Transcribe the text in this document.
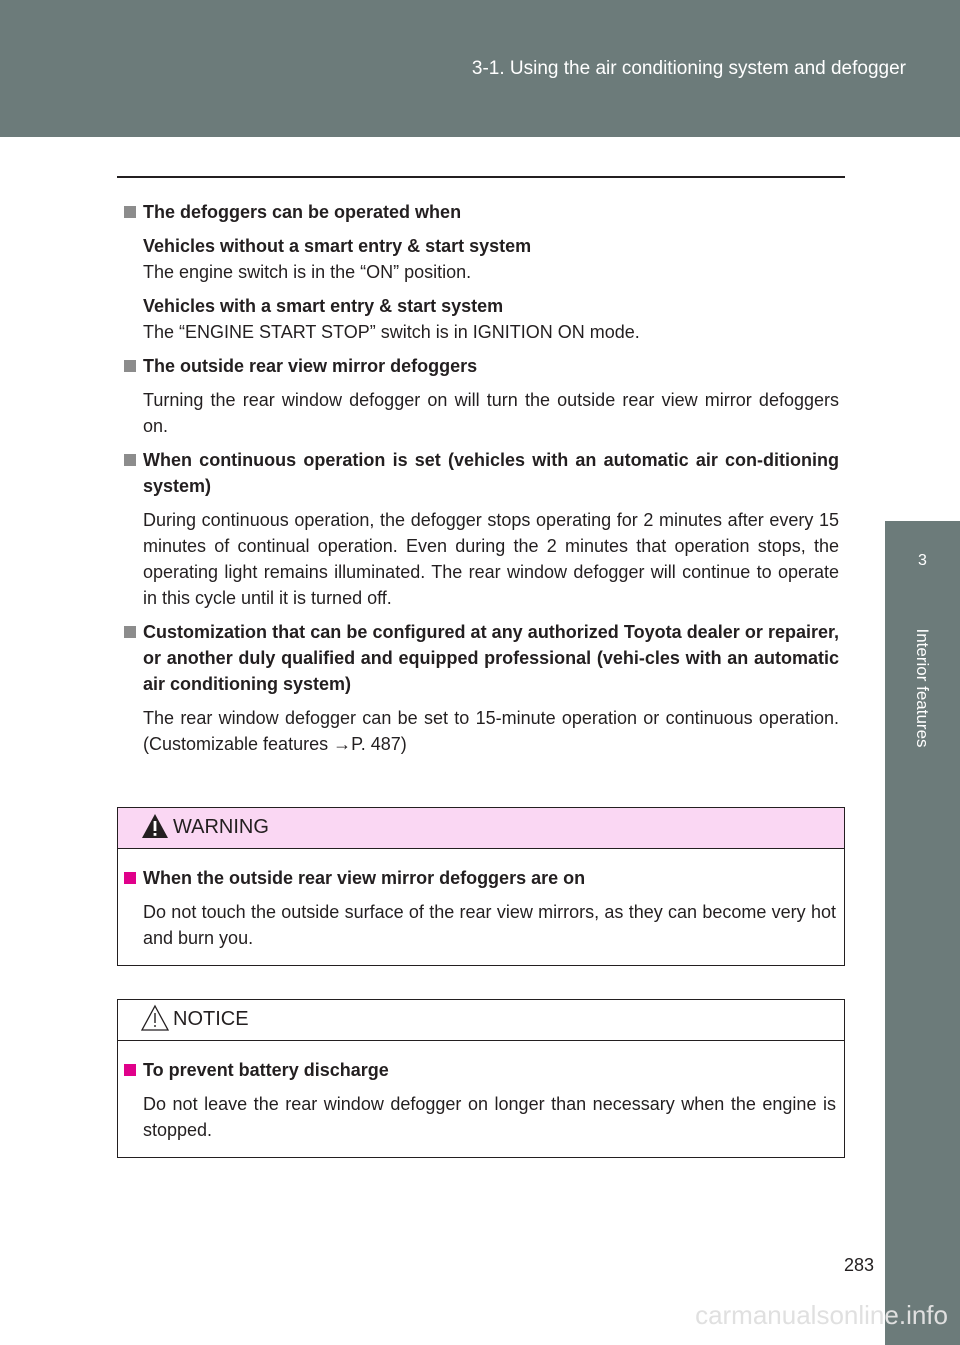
3-1. Using the air conditioning system and defogger
3
Interior features
The defoggers can be operated when
Vehicles without a smart entry & start system
The engine switch is in the “ON” position.
Vehicles with a smart entry & start system
The “ENGINE START STOP” switch is in IGNITION ON mode.
The outside rear view mirror defoggers
Turning the rear window defogger on will turn the outside rear view mirror defoggers on.
When continuous operation is set (vehicles with an automatic air con-ditioning system)
During continuous operation, the defogger stops operating for 2 minutes after every 15 minutes of continual operation. Even during the 2 minutes that operation stops, the operating light remains illuminated. The rear window defogger will continue to operate in this cycle until it is turned off.
Customization that can be configured at any authorized Toyota dealer or repairer, or another duly qualified and equipped professional (vehi-cles with an automatic air conditioning system)
The rear window defogger can be set to 15-minute operation or continuous operation. (Customizable features →P. 487)
WARNING
When the outside rear view mirror defoggers are on
Do not touch the outside surface of the rear view mirrors, as they can become very hot and burn you.
NOTICE
To prevent battery discharge
Do not leave the rear window defogger on longer than necessary when the engine is stopped.
283
carmanualsonline.info
